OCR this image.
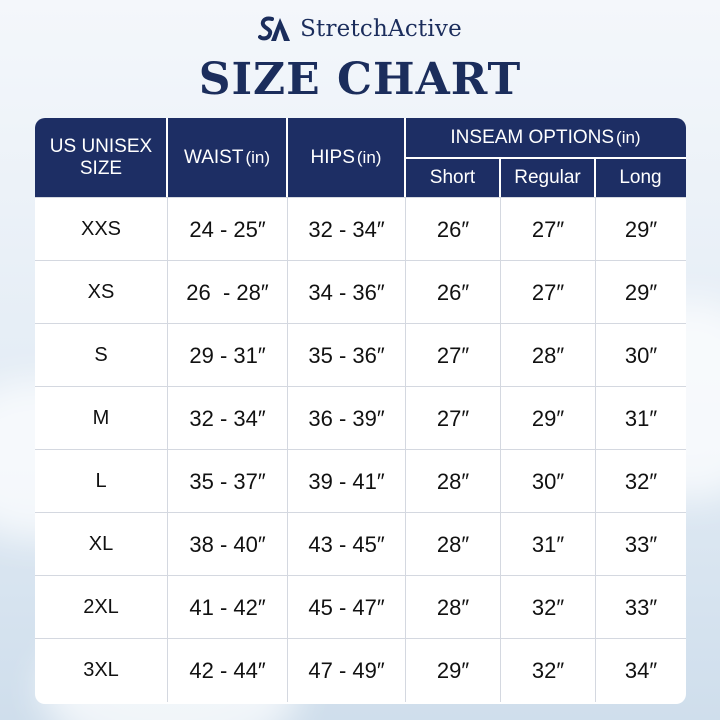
StretchActive
SIZE CHART
US UNISEX
SIZE
WAIST (in) HIPS (in)
INSEAM OPTIONS (in)
Short Regular Long
XXS	24 - 25″	32 - 34″	26″	27″	29″
XS	26  - 28″	34 - 36″	26″	27″	29″
S	29 - 31″	35 - 36″	27″	28″	30″
M	32 - 34″	36 - 39″	27″	29″	31″
L	35 - 37″	39 - 41″	28″	30″	32″
XL	38 - 40″	43 - 45″	28″	31″	33″
2XL	41 - 42″	45 - 47″	28″	32″	33″
3XL	42 - 44″	47 - 49″	29″	32″	34″
